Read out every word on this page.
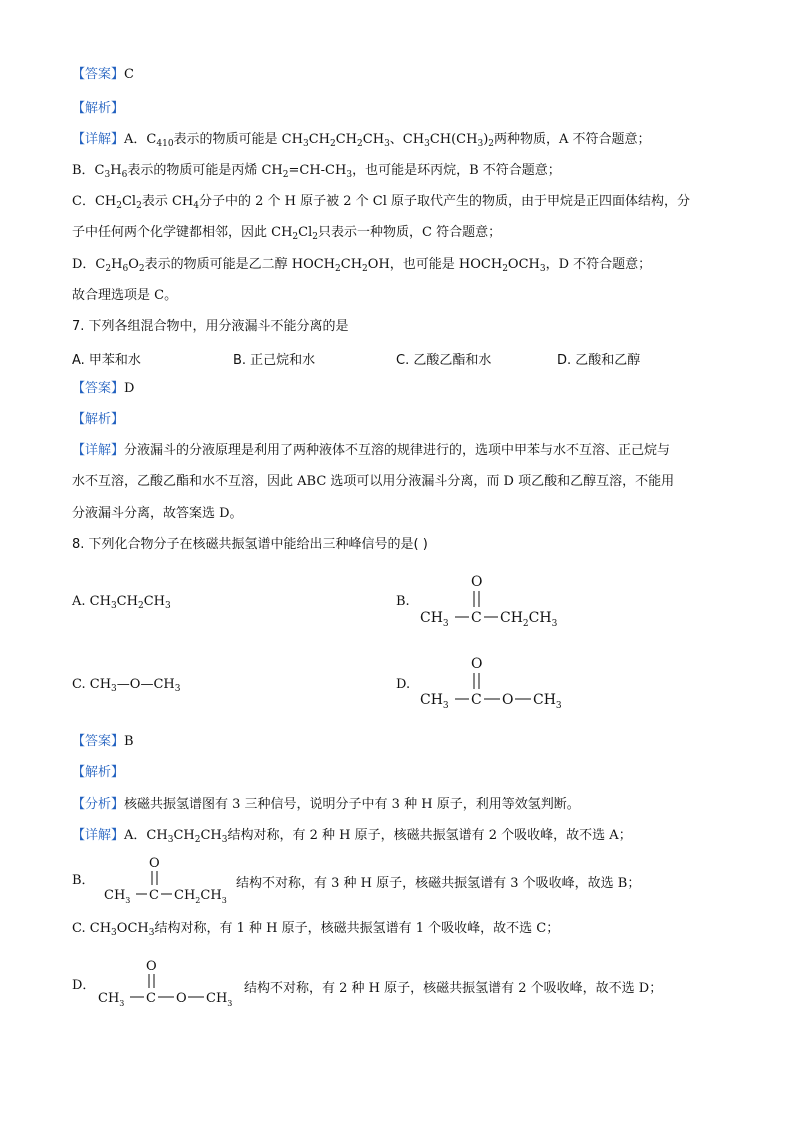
【答案】C
【解析】
【详解】A．$C_{410}$表示的物质可能是 $CH_3CH_2CH_2CH_3$、$CH_3CH(CH_3)_2$两种物质，A 不符合题意；
B．$C_3H_6$表示的物质可能是丙烯 $CH_2=CH-CH_3$，也可能是环丙烷，B 不符合题意；
C．$CH_2Cl_2$表示 $CH_4$分子中的 2 个 H 原子被 2 个 Cl 原子取代产生的物质，由于甲烷是正四面体结构，分
子中任何两个化学键都相邻，因此 $CH_2Cl_2$只表示一种物质，C 符合题意；
D．$C_2H_6O_2$表示的物质可能是乙二醇 $HOCH_2CH_2OH$，也可能是 $HOCH_2OCH_3$，D 不符合题意；
故合理选项是 C。
7. 下列各组混合物中，用分液漏斗不能分离的是
A. 甲苯和水	B. 正己烷和水	C. 乙酸乙酯和水	D. 乙酸和乙醇
【答案】D
【解析】
【详解】分液漏斗的分液原理是利用了两种液体不互溶的规律进行的，选项中甲苯与水不互溶、正己烷与
水不互溶，乙酸乙酯和水不互溶，因此 ABC 选项可以用分液漏斗分离，而 D 项乙酸和乙醇互溶，不能用
分液漏斗分离，故答案选 D。
8. 下列化合物分子在核磁共振氢谱中能给出三种峰信号的是( )
A. $CH_3CH_2CH_3$	B.
O
$CH_3$ C $CH_2CH_3$
C. $CH_3—O—CH_3$	D.
O
$CH_3$ C O $CH_3$
【答案】B
【解析】
【分析】核磁共振氢谱图有 3 三种信号，说明分子中有 3 种 H 原子，利用等效氢判断。
【详解】A．$CH_3CH_2CH_3$结构对称，有 2 种 H 原子，核磁共振氢谱有 2 个吸收峰，故不选 A；
B．
O
$CH_3$ C $CH_2CH_3$
结构不对称，有 3 种 H 原子，核磁共振氢谱有 3 个吸收峰，故选 B；
C. $CH_3OCH_3$结构对称，有 1 种 H 原子，核磁共振氢谱有 1 个吸收峰，故不选 C；
D．
O
$CH_3$ C O $CH_3$
结构不对称，有 2 种 H 原子，核磁共振氢谱有 2 个吸收峰，故不选 D；
